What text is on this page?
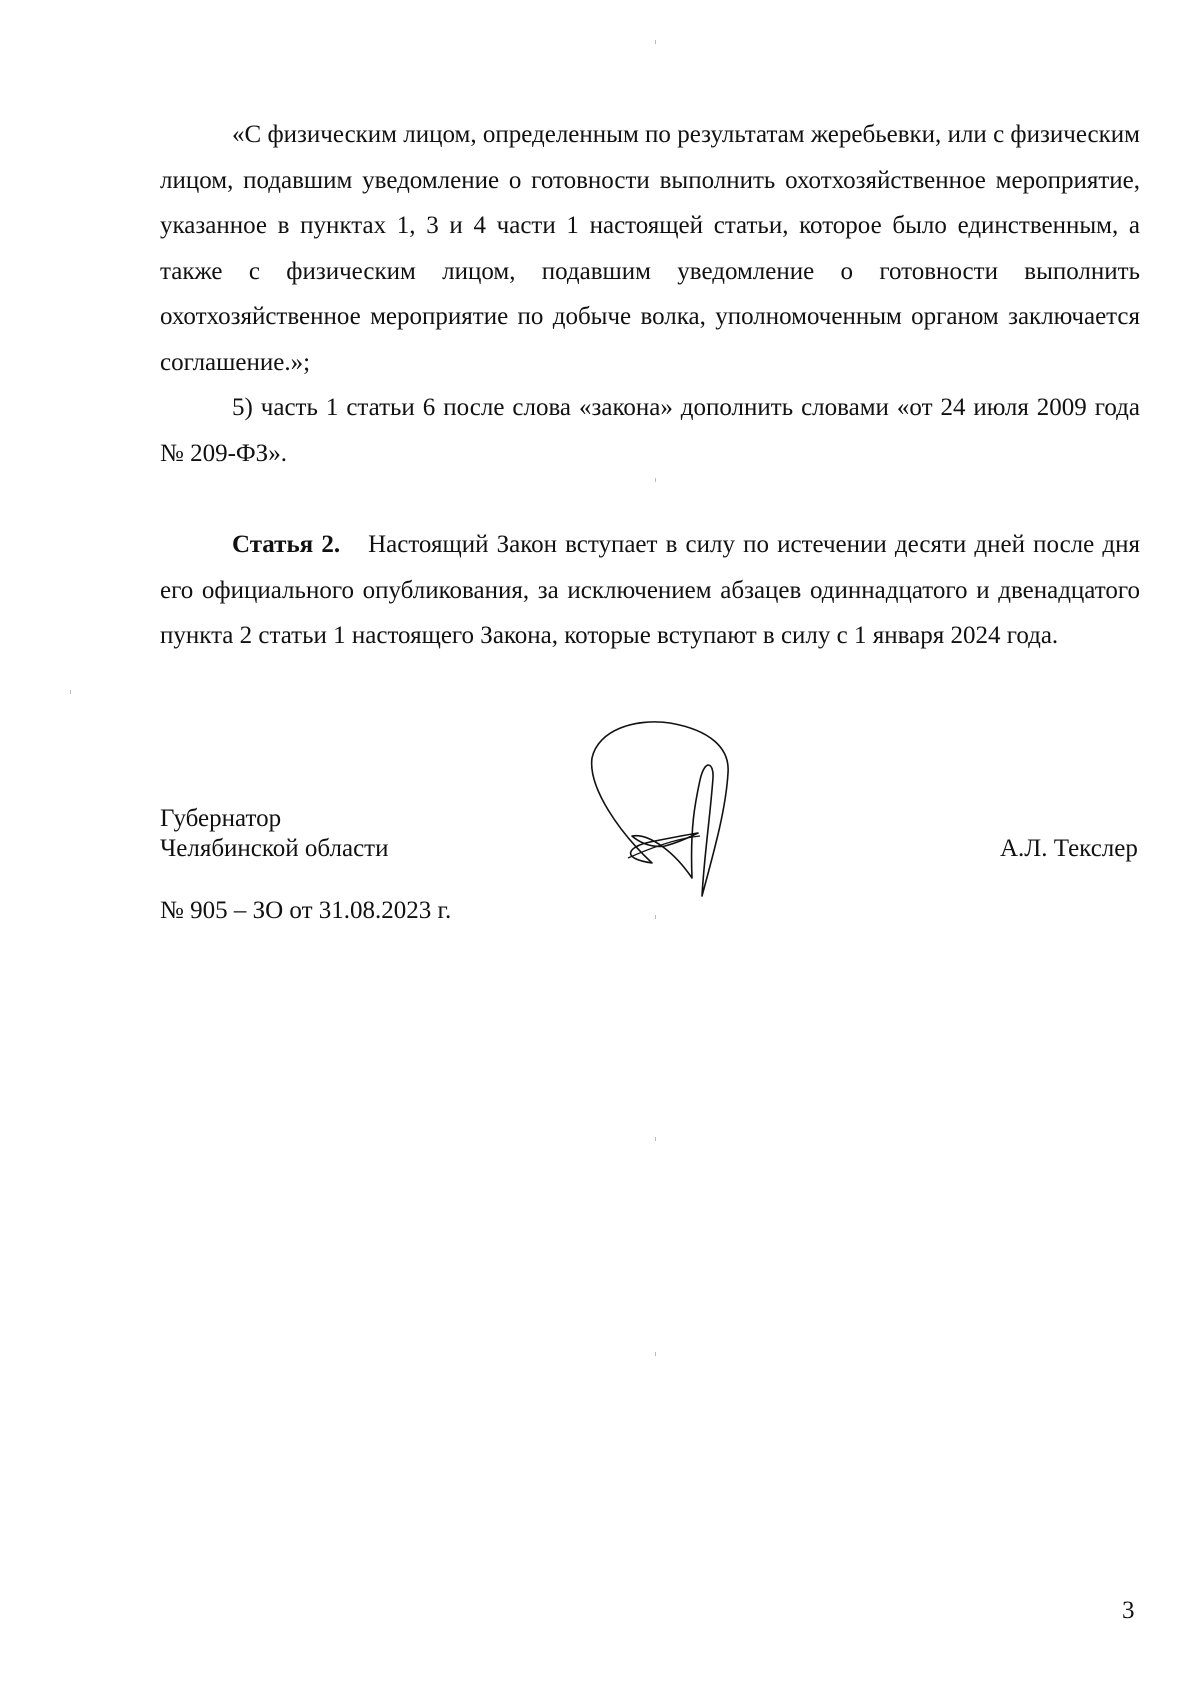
«С физическим лицом, определенным по результатам жеребьевки, или с физическим лицом, подавшим уведомление о готовности выполнить охотхозяйственное мероприятие, указанное в пунктах 1, 3 и 4 части 1 настоящей статьи, которое было единственным, а также с физическим лицом, подавшим уведомление о готовности выполнить охотхозяйственное мероприятие по добыче волка, уполномоченным органом заключается соглашение.»;

5) часть 1 статьи 6 после слова «закона» дополнить словами «от 24 июля 2009 года № 209-ФЗ».

Статья 2. Настоящий Закон вступает в силу по истечении десяти дней после дня его официального опубликования, за исключением абзацев одиннадцатого и двенадцатого пункта 2 статьи 1 настоящего Закона, которые вступают в силу с 1 января 2024 года.

Губернатор
Челябинской области	А.Л. Текслер
№ 905 – ЗО от 31.08.2023 г.
3
